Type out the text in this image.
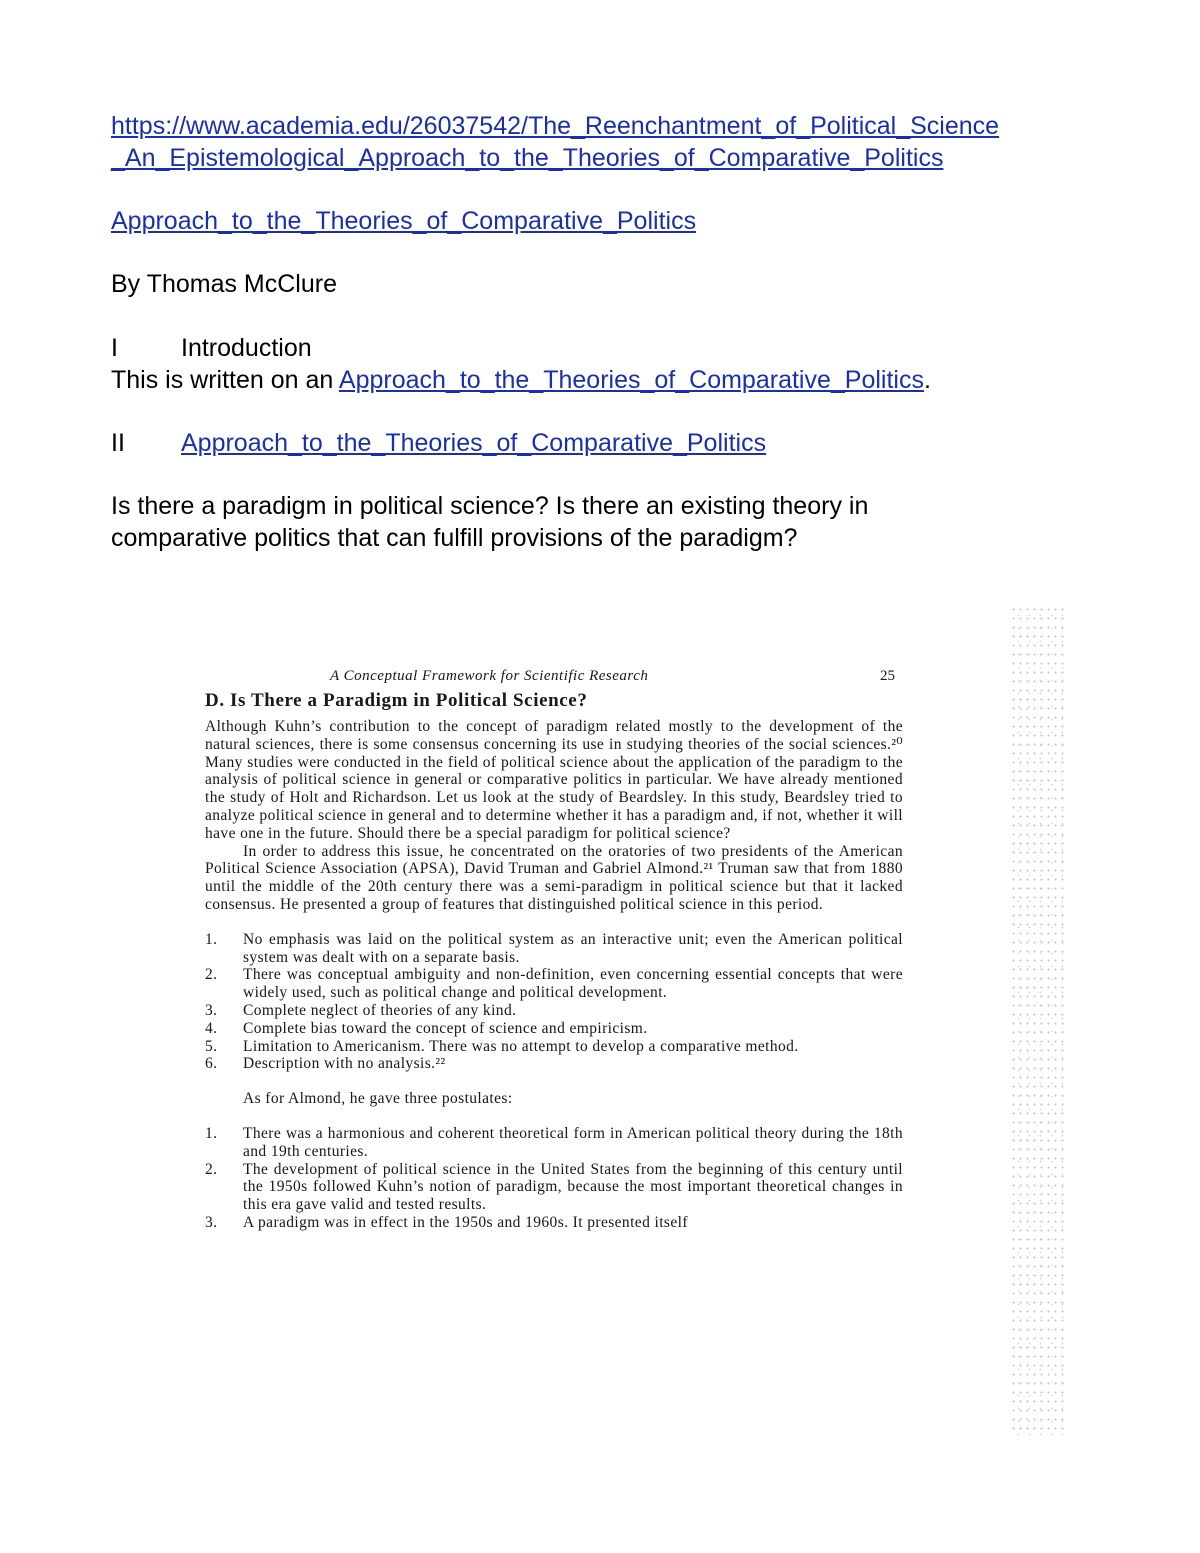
https://www.academia.edu/26037542/The_Reenchantment_of_Political_Science
_An_Epistemological_Approach_to_the_Theories_of_Comparative_Politics
Approach_to_the_Theories_of_Comparative_Politics
By Thomas McClure
I	Introduction
This is written on an Approach_to_the_Theories_of_Comparative_Politics.
II Approach_to_the_Theories_of_Comparative_Politics
Is there a paradigm in political science? Is there an existing theory in
comparative politics that can fulfill provisions of the paradigm?
A Conceptual Framework for Scientific Research	25
D. Is There a Paradigm in Political Science?

Although Kuhn’s contribution to the concept of paradigm related mostly to the development of the natural sciences, there is some consensus concerning its use in studying theories of the social sciences.²⁰ Many studies were conducted in the field of political science about the application of the paradigm to the analysis of political science in general or comparative politics in particular. We have already mentioned the study of Holt and Richardson. Let us look at the study of Beardsley. In this study, Beardsley tried to analyze political science in general and to determine whether it has a paradigm and, if not, whether it will have one in the future. Should there be a special paradigm for political science?

In order to address this issue, he concentrated on the oratories of two presidents of the American Political Science Association (APSA), David Truman and Gabriel Almond.²¹ Truman saw that from 1880 until the middle of the 20th century there was a semi-paradigm in political science but that it lacked consensus. He presented a group of features that distinguished political science in this period.

1. No emphasis was laid on the political system as an interactive unit; even the American political system was dealt with on a separate basis.
2. There was conceptual ambiguity and non-definition, even concerning essential concepts that were widely used, such as political change and political development.
3. Complete neglect of theories of any kind.
4. Complete bias toward the concept of science and empiricism.
5. Limitation to Americanism. There was no attempt to develop a comparative method.
6. Description with no analysis.²²

As for Almond, he gave three postulates:

1. There was a harmonious and coherent theoretical form in American political theory during the 18th and 19th centuries.
2. The development of political science in the United States from the beginning of this century until the 1950s followed Kuhn’s notion of paradigm, because the most important theoretical changes in this era gave valid and tested results.
3. A paradigm was in effect in the 1950s and 1960s. It presented itself
